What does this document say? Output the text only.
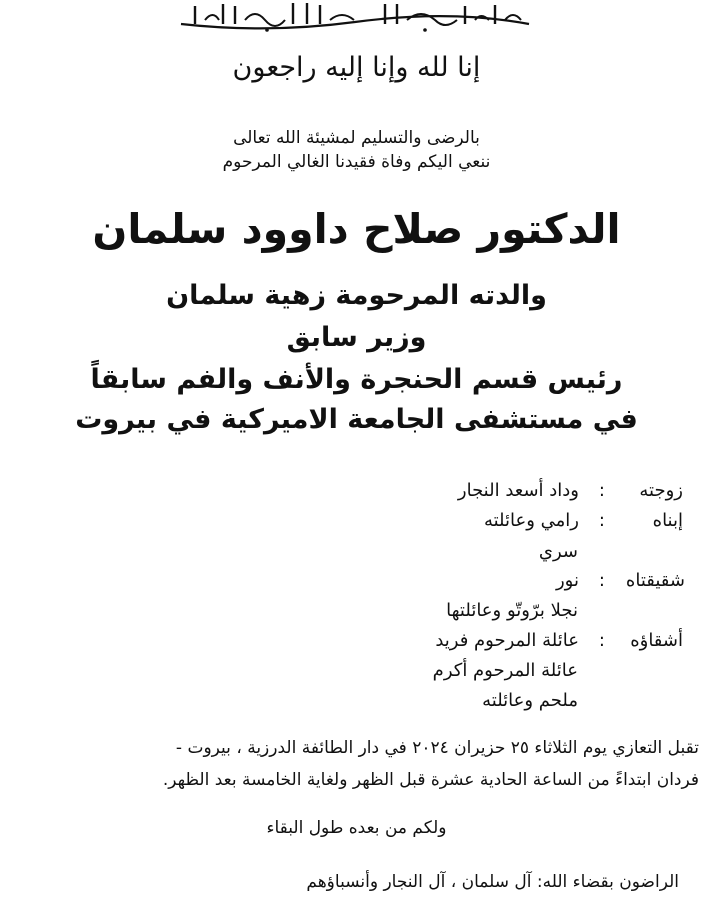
إنا لله وإنا إليه راجعون
بالرضى والتسليم لمشيئة الله تعالى
ننعي اليكم وفاة فقيدنا الغالي المرحوم
الدكتور صلاح داوود سلمان
والدته المرحومة زهية سلمان
وزير سابق
رئيس قسم الحنجرة والأنف والفم سابقاً
في مستشفى الجامعة الاميركية في بيروت
زوجته
:
وداد أسعد النجار
إبناه
:
رامي وعائلته
سري
شقيقتاه
:
نور
نجلا برّوتّو وعائلتها
أشقاؤه
:
عائلة المرحوم فريد
عائلة المرحوم أكرم
ملحم وعائلته
تقبل التعازي يوم الثلاثاء ٢٥ حزيران ٢٠٢٤ في دار الطائفة الدرزية ، بيروت -
فردان ابتداءً من الساعة الحادية عشرة قبل الظهر ولغاية الخامسة بعد الظهر.
ولكم من بعده طول البقاء
الراضون بقضاء الله: آل سلمان ، آل النجار وأنسباؤهم
